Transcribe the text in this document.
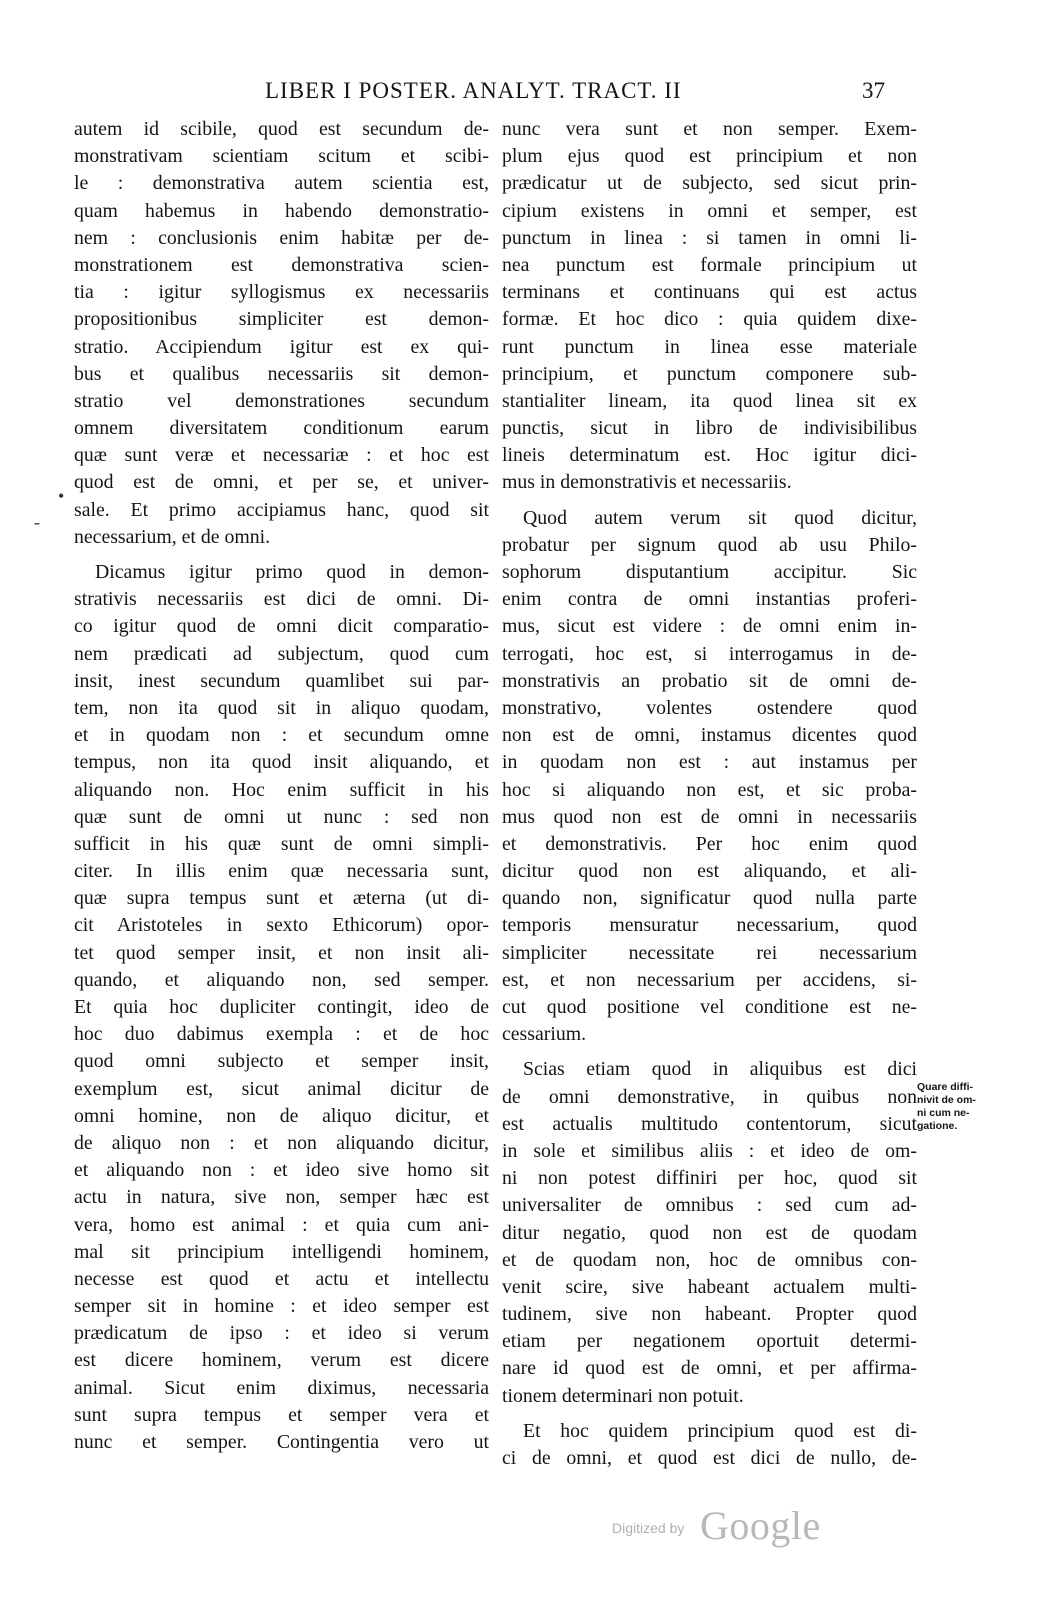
LIBER I POSTER. ANALYT. TRACT. II	37
autem id scibile, quod est secundum de-
monstrativam scientiam scitum et scibi-
le : demonstrativa autem scientia est,
quam habemus in habendo demonstratio-
nem : conclusionis enim habitæ per de-
monstrationem est demonstrativa scien-
tia : igitur syllogismus ex necessariis
propositionibus simpliciter est demon-
stratio. Accipiendum igitur est ex qui-
bus et qualibus necessariis sit demon-
stratio vel demonstrationes secundum
omnem diversitatem conditionum earum
quæ sunt veræ et necessariæ : et hoc est
quod est de omni, et per se, et univer-
sale. Et primo accipiamus hanc, quod sit
necessarium, et de omni.
Dicamus igitur primo quod in demon-
strativis necessariis est dici de omni. Di-
co igitur quod de omni dicit comparatio-
nem prædicati ad subjectum, quod cum
insit, inest secundum quamlibet sui par-
tem, non ita quod sit in aliquo quodam,
et in quodam non : et secundum omne
tempus, non ita quod insit aliquando, et
aliquando non. Hoc enim sufficit in his
quæ sunt de omni ut nunc : sed non
sufficit in his quæ sunt de omni simpli-
citer. In illis enim quæ necessaria sunt,
quæ supra tempus sunt et æterna (ut di-
cit Aristoteles in sexto Ethicorum) opor-
tet quod semper insit, et non insit ali-
quando, et aliquando non, sed semper.
Et quia hoc dupliciter contingit, ideo de
hoc duo dabimus exempla : et de hoc
quod omni subjecto et semper insit,
exemplum est, sicut animal dicitur de
omni homine, non de aliquo dicitur, et
de aliquo non : et non aliquando dicitur,
et aliquando non : et ideo sive homo sit
actu in natura, sive non, semper hæc est
vera, homo est animal : et quia cum ani-
mal sit principium intelligendi hominem,
necesse est quod et actu et intellectu
semper sit in homine : et ideo semper est
prædicatum de ipso : et ideo si verum
est dicere hominem, verum est dicere
animal. Sicut enim diximus, necessaria
sunt supra tempus et semper vera et
nunc et semper. Contingentia vero ut
nunc vera sunt et non semper. Exem-
plum ejus quod est principium et non
prædicatur ut de subjecto, sed sicut prin-
cipium existens in omni et semper, est
punctum in linea : si tamen in omni li-
nea punctum est formale principium ut
terminans et continuans qui est actus
formæ. Et hoc dico : quia quidem dixe-
runt punctum in linea esse materiale
principium, et punctum componere sub-
stantialiter lineam, ita quod linea sit ex
punctis, sicut in libro de indivisibilibus
lineis determinatum est. Hoc igitur dici-
mus in demonstrativis et necessariis.
Quod autem verum sit quod dicitur,
probatur per signum quod ab usu Philo-
sophorum disputantium accipitur. Sic
enim contra de omni instantias proferi-
mus, sicut est videre : de omni enim in-
terrogati, hoc est, si interrogamus in de-
monstrativis an probatio sit de omni de-
monstrativo, volentes ostendere quod
non est de omni, instamus dicentes quod
in quodam non est : aut instamus per
hoc si aliquando non est, et sic proba-
mus quod non est de omni in necessariis
et demonstrativis. Per hoc enim quod
dicitur quod non est aliquando, et ali-
quando non, significatur quod nulla parte
temporis mensuratur necessarium, quod
simpliciter necessitate rei necessarium
est, et non necessarium per accidens, si-
cut quod positione vel conditione est ne-
cessarium.
Scias etiam quod in aliquibus est dici
de omni demonstrative, in quibus non
est actualis multitudo contentorum, sicut
in sole et similibus aliis : et ideo de om-
ni non potest diffiniri per hoc, quod sit
universaliter de omnibus : sed cum ad-
ditur negatio, quod non est de quodam
et de quodam non, hoc de omnibus con-
venit scire, sive habeant actualem multi-
tudinem, sive non habeant. Propter quod
etiam per negationem oportuit determi-
nare id quod est de omni, et per affirma-
tionem determinari non potuit.
Et hoc quidem principium quod est di-
ci de omni, et quod est dici de nullo, de-
Quare diffi-
nivit de om-
ni cum ne-
gatione.
•
-
Digitized by Google
